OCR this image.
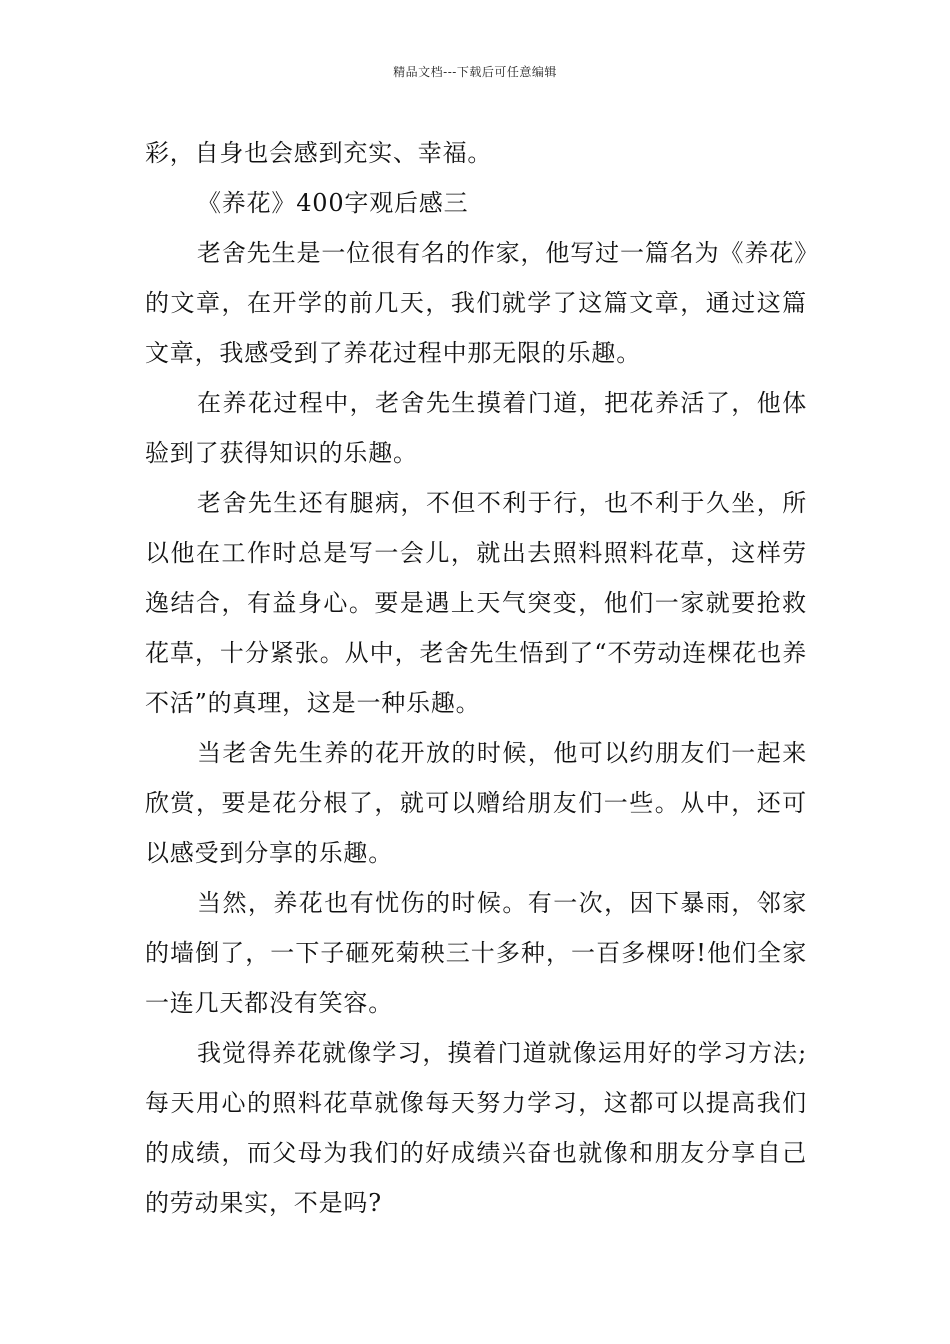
精品文档---下载后可任意编辑

彩，自身也会感到充实、幸福。

《养花》400字观后感三

老舍先生是一位很有名的作家，他写过一篇名为《养花》的文章，在开学的前几天，我们就学了这篇文章，通过这篇文章，我感受到了养花过程中那无限的乐趣。

在养花过程中，老舍先生摸着门道，把花养活了，他体验到了获得知识的乐趣。

老舍先生还有腿病，不但不利于行，也不利于久坐，所以他在工作时总是写一会儿，就出去照料照料花草，这样劳逸结合，有益身心。要是遇上天气突变，他们一家就要抢救花草，十分紧张。从中，老舍先生悟到了“不劳动连棵花也养不活”的真理，这是一种乐趣。

当老舍先生养的花开放的时候，他可以约朋友们一起来欣赏，要是花分根了，就可以赠给朋友们一些。从中，还可以感受到分享的乐趣。

当然，养花也有忧伤的时候。有一次，因下暴雨，邻家的墙倒了，一下子砸死菊秧三十多种，一百多棵呀!他们全家一连几天都没有笑容。

我觉得养花就像学习，摸着门道就像运用好的学习方法;每天用心的照料花草就像每天努力学习，这都可以提高我们的成绩，而父母为我们的好成绩兴奋也就像和朋友分享自己的劳动果实，不是吗?
